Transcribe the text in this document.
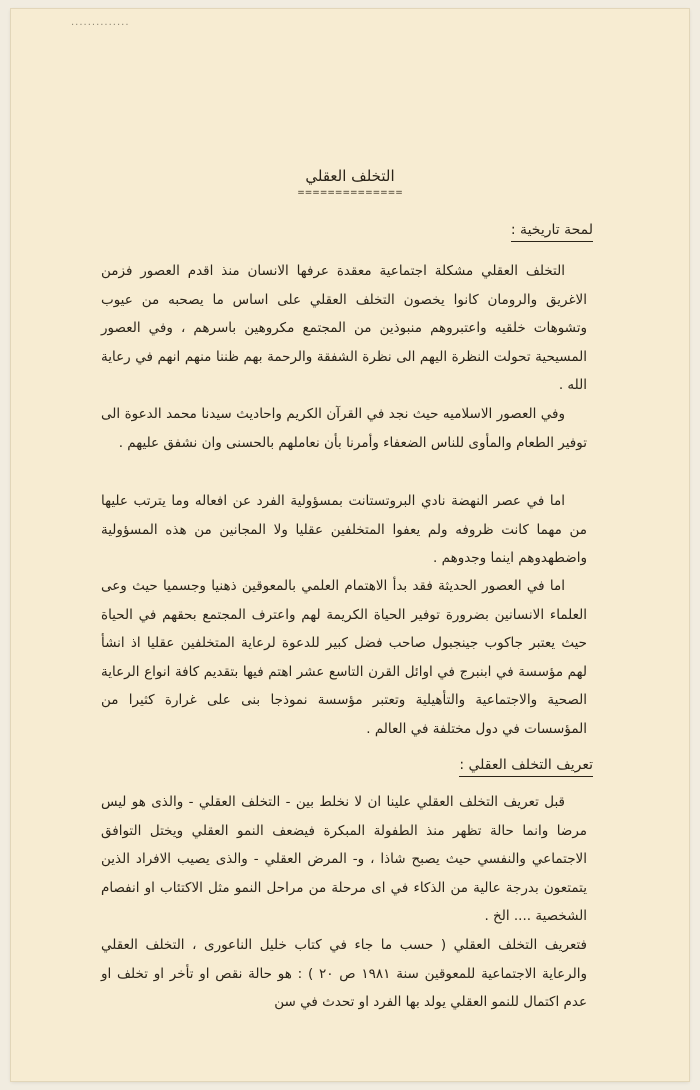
..............
التخلف العقلي
==============
لمحة تاريخية :

التخلف العقلي مشكلة اجتماعية معقدة عرفها الانسان منذ اقدم العصور فزمن الاغريق والرومان كانوا يخصون التخلف العقلي على اساس ما يصحبه من عيوب وتشوهات خلقيه واعتبروهم منبوذين من المجتمع مكروهين باسرهم ، وفي العصور المسيحية تحولت النظرة اليهم الى نظرة الشفقة والرحمة بهم ظننا منهم انهم في رعاية الله .

وفي العصور الاسلاميه حيث نجد في القرآن الكريم واحاديث سيدنا محمد الدعوة الى توفير الطعام والمأوى للناس الضعفاء وأمرنا بأن نعاملهم بالحسنى وان نشفق عليهم .

اما في عصر النهضة نادي البروتستانت بمسؤولية الفرد عن افعاله وما يترتب عليها من مهما كانت ظروفه ولم يعفوا المتخلفين عقليا ولا المجانين من هذه المسؤولية واضطهدوهم اينما وجدوهم .

اما في العصور الحديثة فقد بدأ الاهتمام العلمي بالمعوقين ذهنيا وجسميا حيث وعى العلماء الانسانين بضرورة توفير الحياة الكريمة لهم واعترف المجتمع بحقهم في الحياة حيث يعتبر جاكوب جينجبول صاحب فضل كبير للدعوة لرعاية المتخلفين عقليا اذ انشأ لهم مؤسسة في ابنبرج في اوائل القرن التاسع عشر اهتم فيها بتقديم كافة انواع الرعاية الصحية والاجتماعية والتأهيلية وتعتبر مؤسسة نموذجا بنى على غرارة كثيرا من المؤسسات في دول مختلفة في العالم .

تعريف التخلف العقلي :

قبل تعريف التخلف العقلي علينا ان لا نخلط بين - التخلف العقلي - والذى هو ليس مرضا وانما حالة تظهر منذ الطفولة المبكرة فيضعف النمو العقلي ويختل التوافق الاجتماعي والنفسي حيث يصبح شاذا ، و- المرض العقلي - والذى يصيب الافراد الذين يتمتعون بدرجة عالية من الذكاء في اى مرحلة من مراحل النمو مثل الاكتئاب او انفصام الشخصية .... الخ .
فتعريف التخلف العقلي ( حسب ما جاء في كتاب خليل الناعورى ، التخلف العقلي والرعاية الاجتماعية للمعوقين سنة ١٩٨١ ص ٢٠ ) : هو حالة نقص او تأخر او تخلف او عدم اكتمال للنمو العقلي يولد بها الفرد او تحدث في سن
